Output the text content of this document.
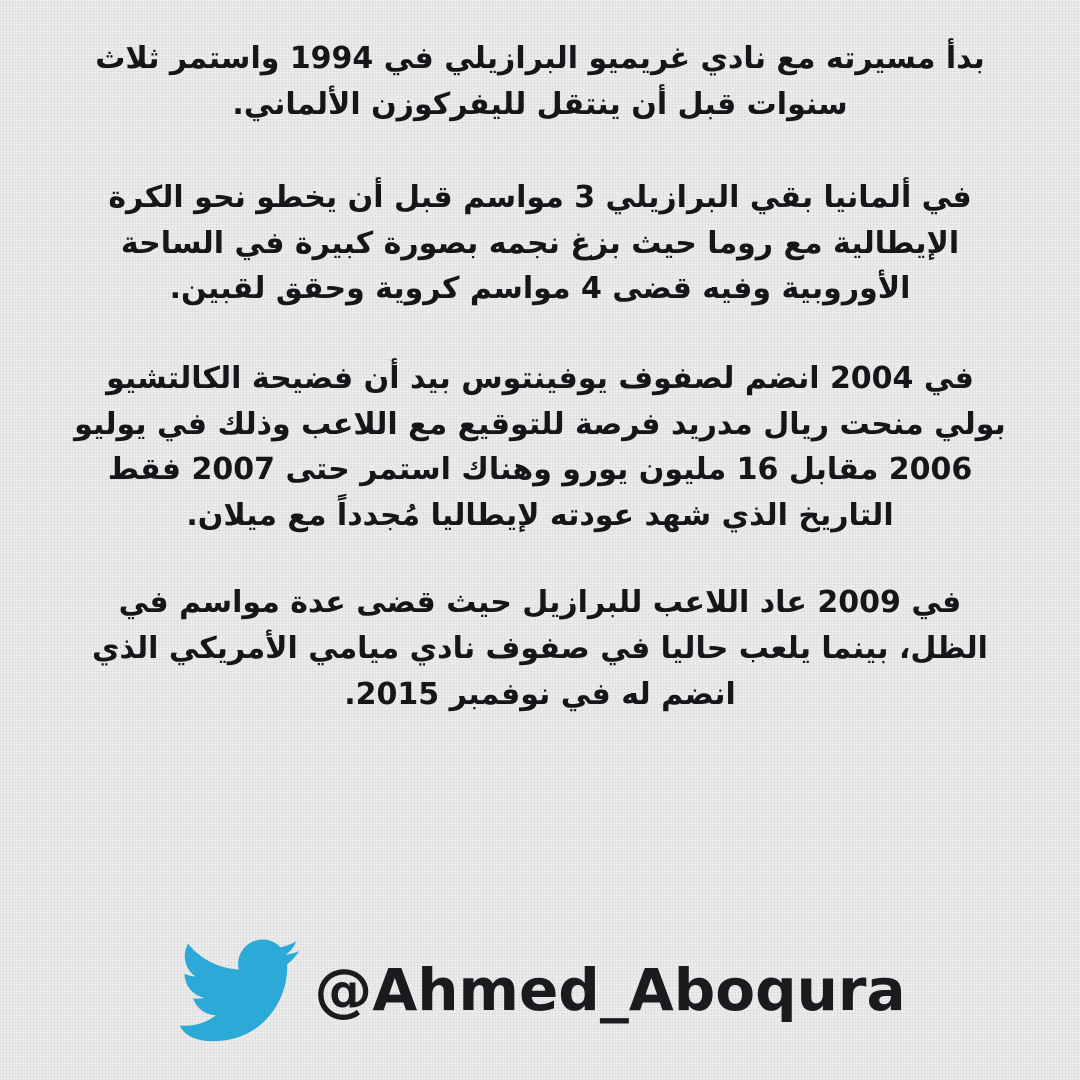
بدأ مسيرته مع نادي غريميو البرازيلي في 1994 واستمر ثلاث سنوات قبل أن ينتقل لليفركوزن الألماني.

في ألمانيا بقي البرازيلي 3 مواسم قبل أن يخطو نحو الكرة الإيطالية مع روما حيث بزغ نجمه بصورة كبيرة في الساحة الأوروبية وفيه قضى 4 مواسم كروية وحقق لقبين.

في 2004 انضم لصفوف يوفينتوس بيد أن فضيحة الكالتشيو بولي منحت ريال مدريد فرصة للتوقيع مع اللاعب وذلك في يوليو 2006 مقابل 16 مليون يورو وهناك استمر حتى 2007 فقط التاريخ الذي شهد عودته لإيطاليا مُجدداً مع ميلان.

في 2009 عاد اللاعب للبرازيل حيث قضى عدة مواسم في الظل، بينما يلعب حاليا في صفوف نادي ميامي الأمريكي الذي انضم له في نوفمبر 2015.

@Ahmed_Aboqura
